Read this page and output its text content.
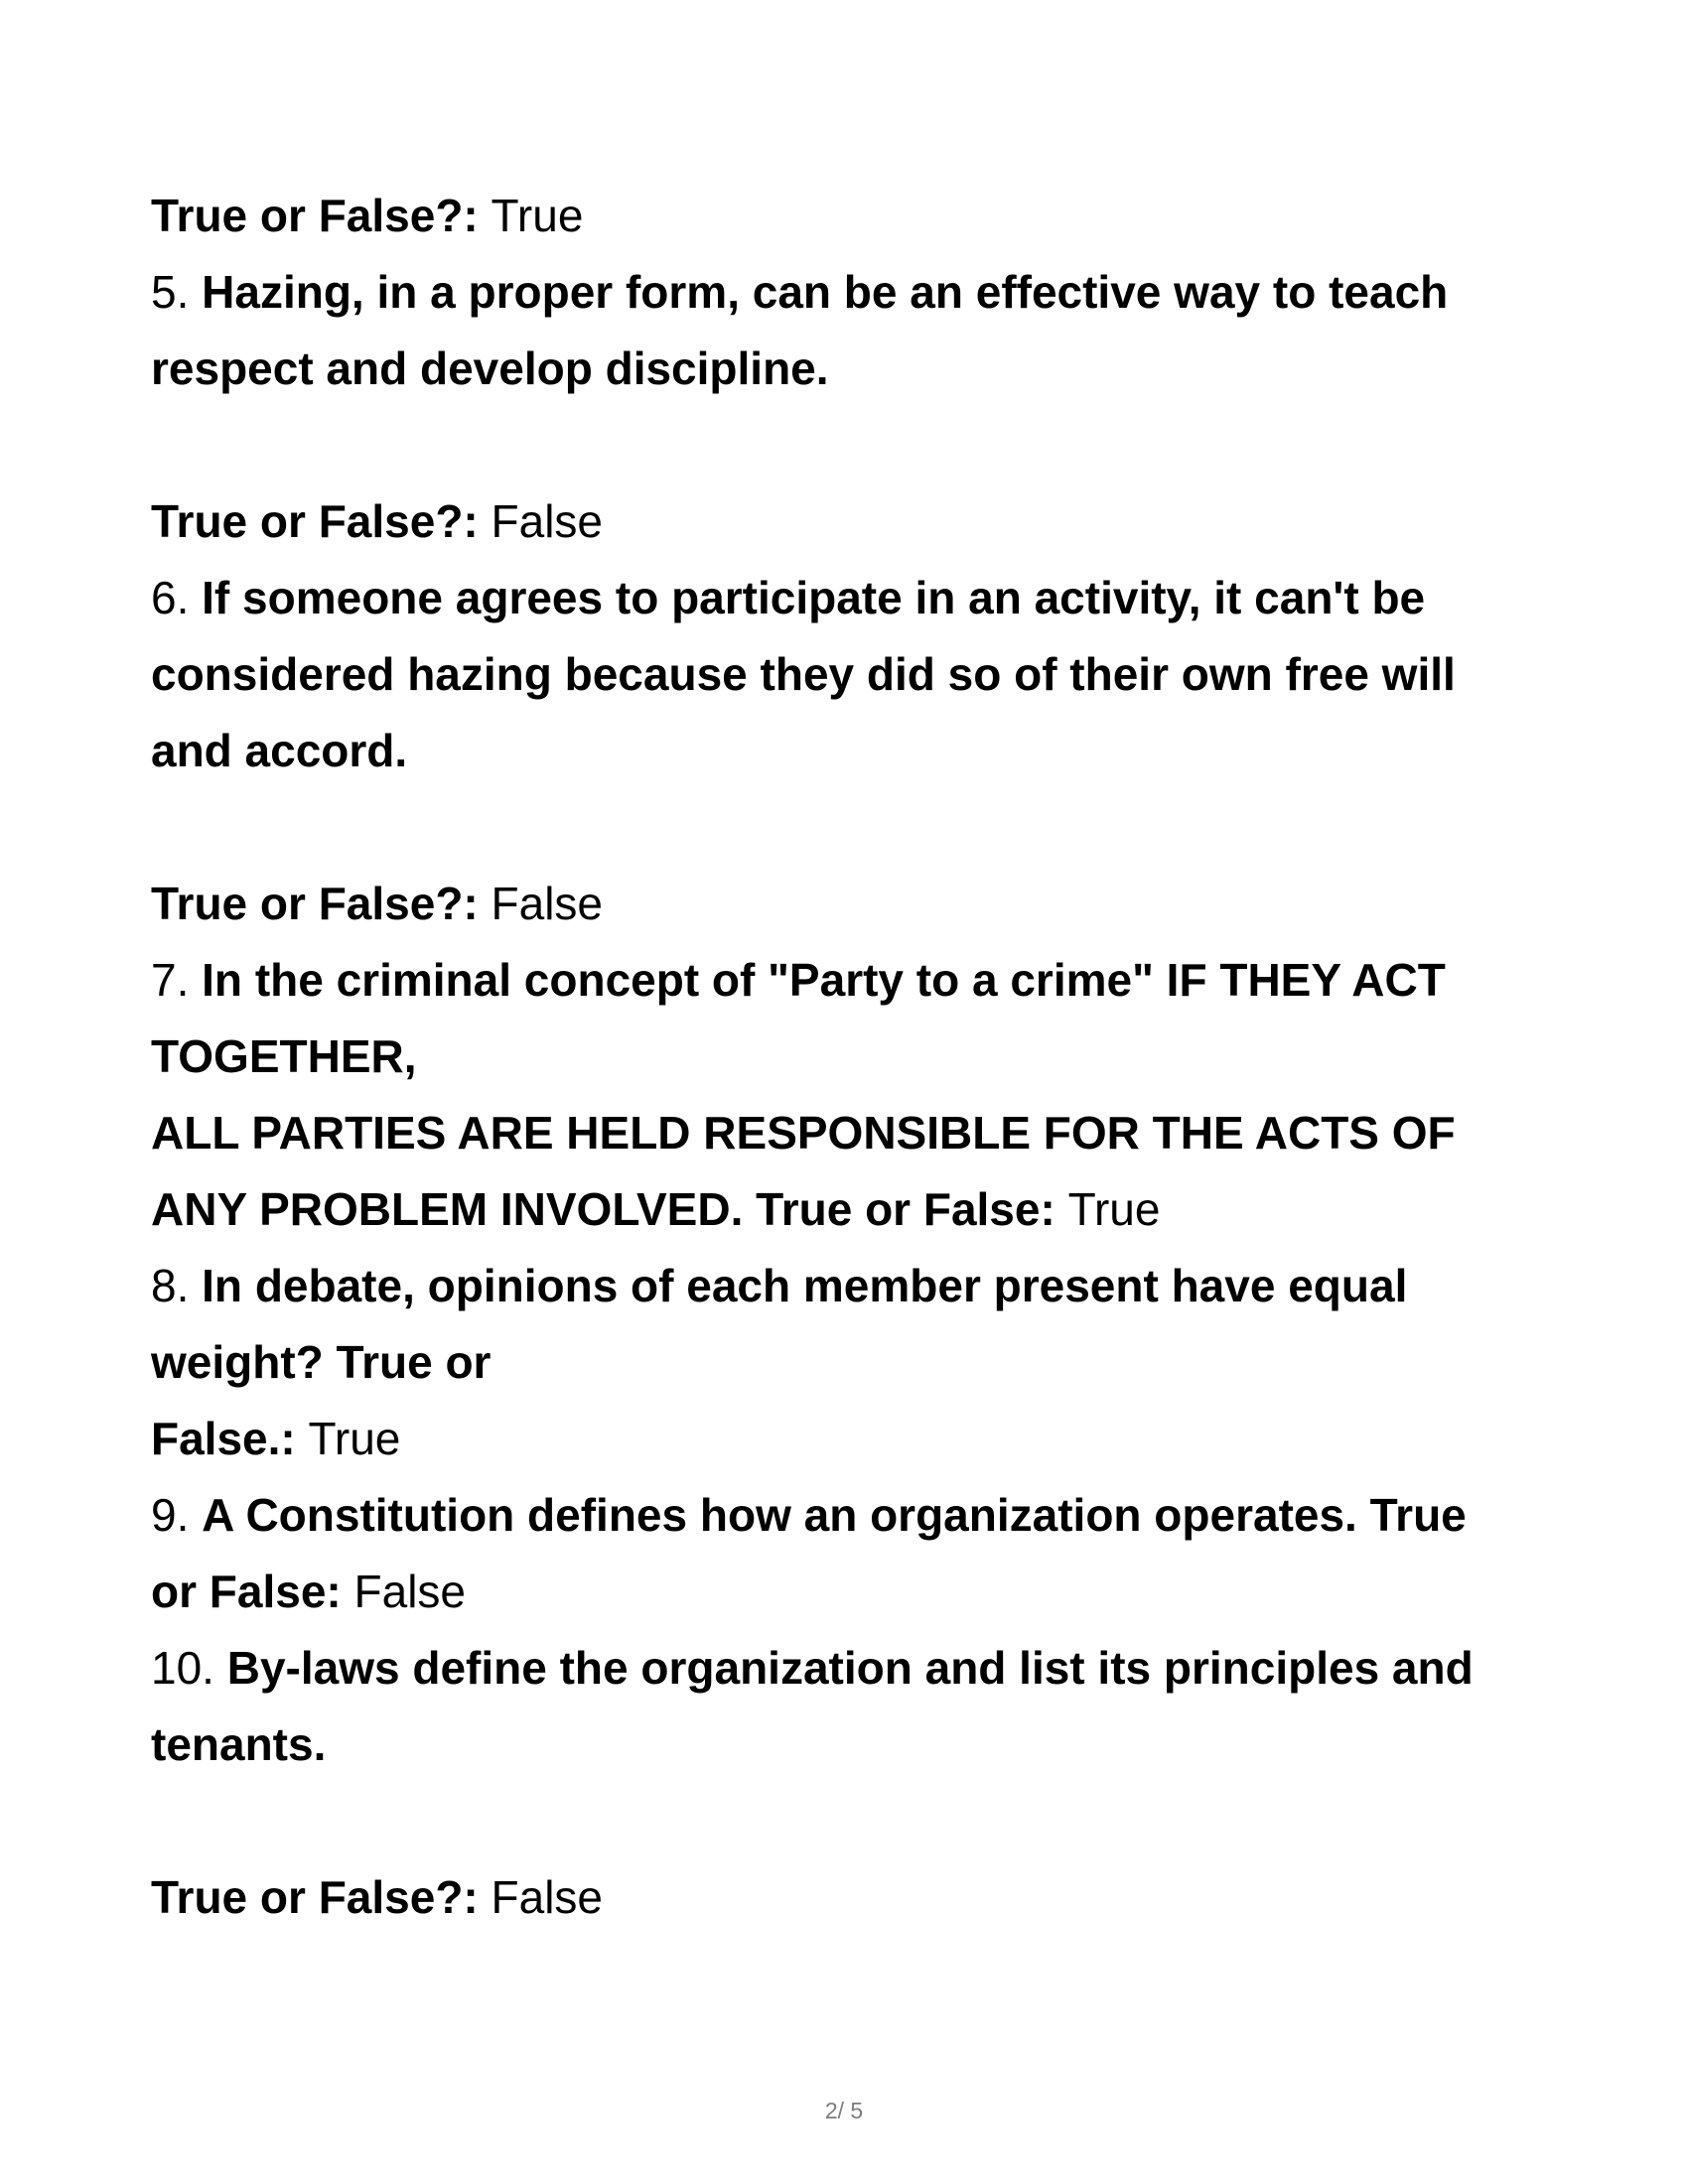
True or False?: True
5. Hazing, in a proper form, can be an effective way to teach
respect and develop discipline.
True or False?: False
6. If someone agrees to participate in an activity, it can't be
considered hazing because they did so of their own free will
and accord.
True or False?: False
7. In the criminal concept of "Party to a crime" IF THEY ACT
TOGETHER,
ALL PARTIES ARE HELD RESPONSIBLE FOR THE ACTS OF
ANY PROBLEM INVOLVED. True or False: True
8. In debate, opinions of each member present have equal
weight? True or
False.: True
9. A Constitution defines how an organization operates. True
or False: False
10. By-laws define the organization and list its principles and
tenants.
True or False?: False
2/ 5
